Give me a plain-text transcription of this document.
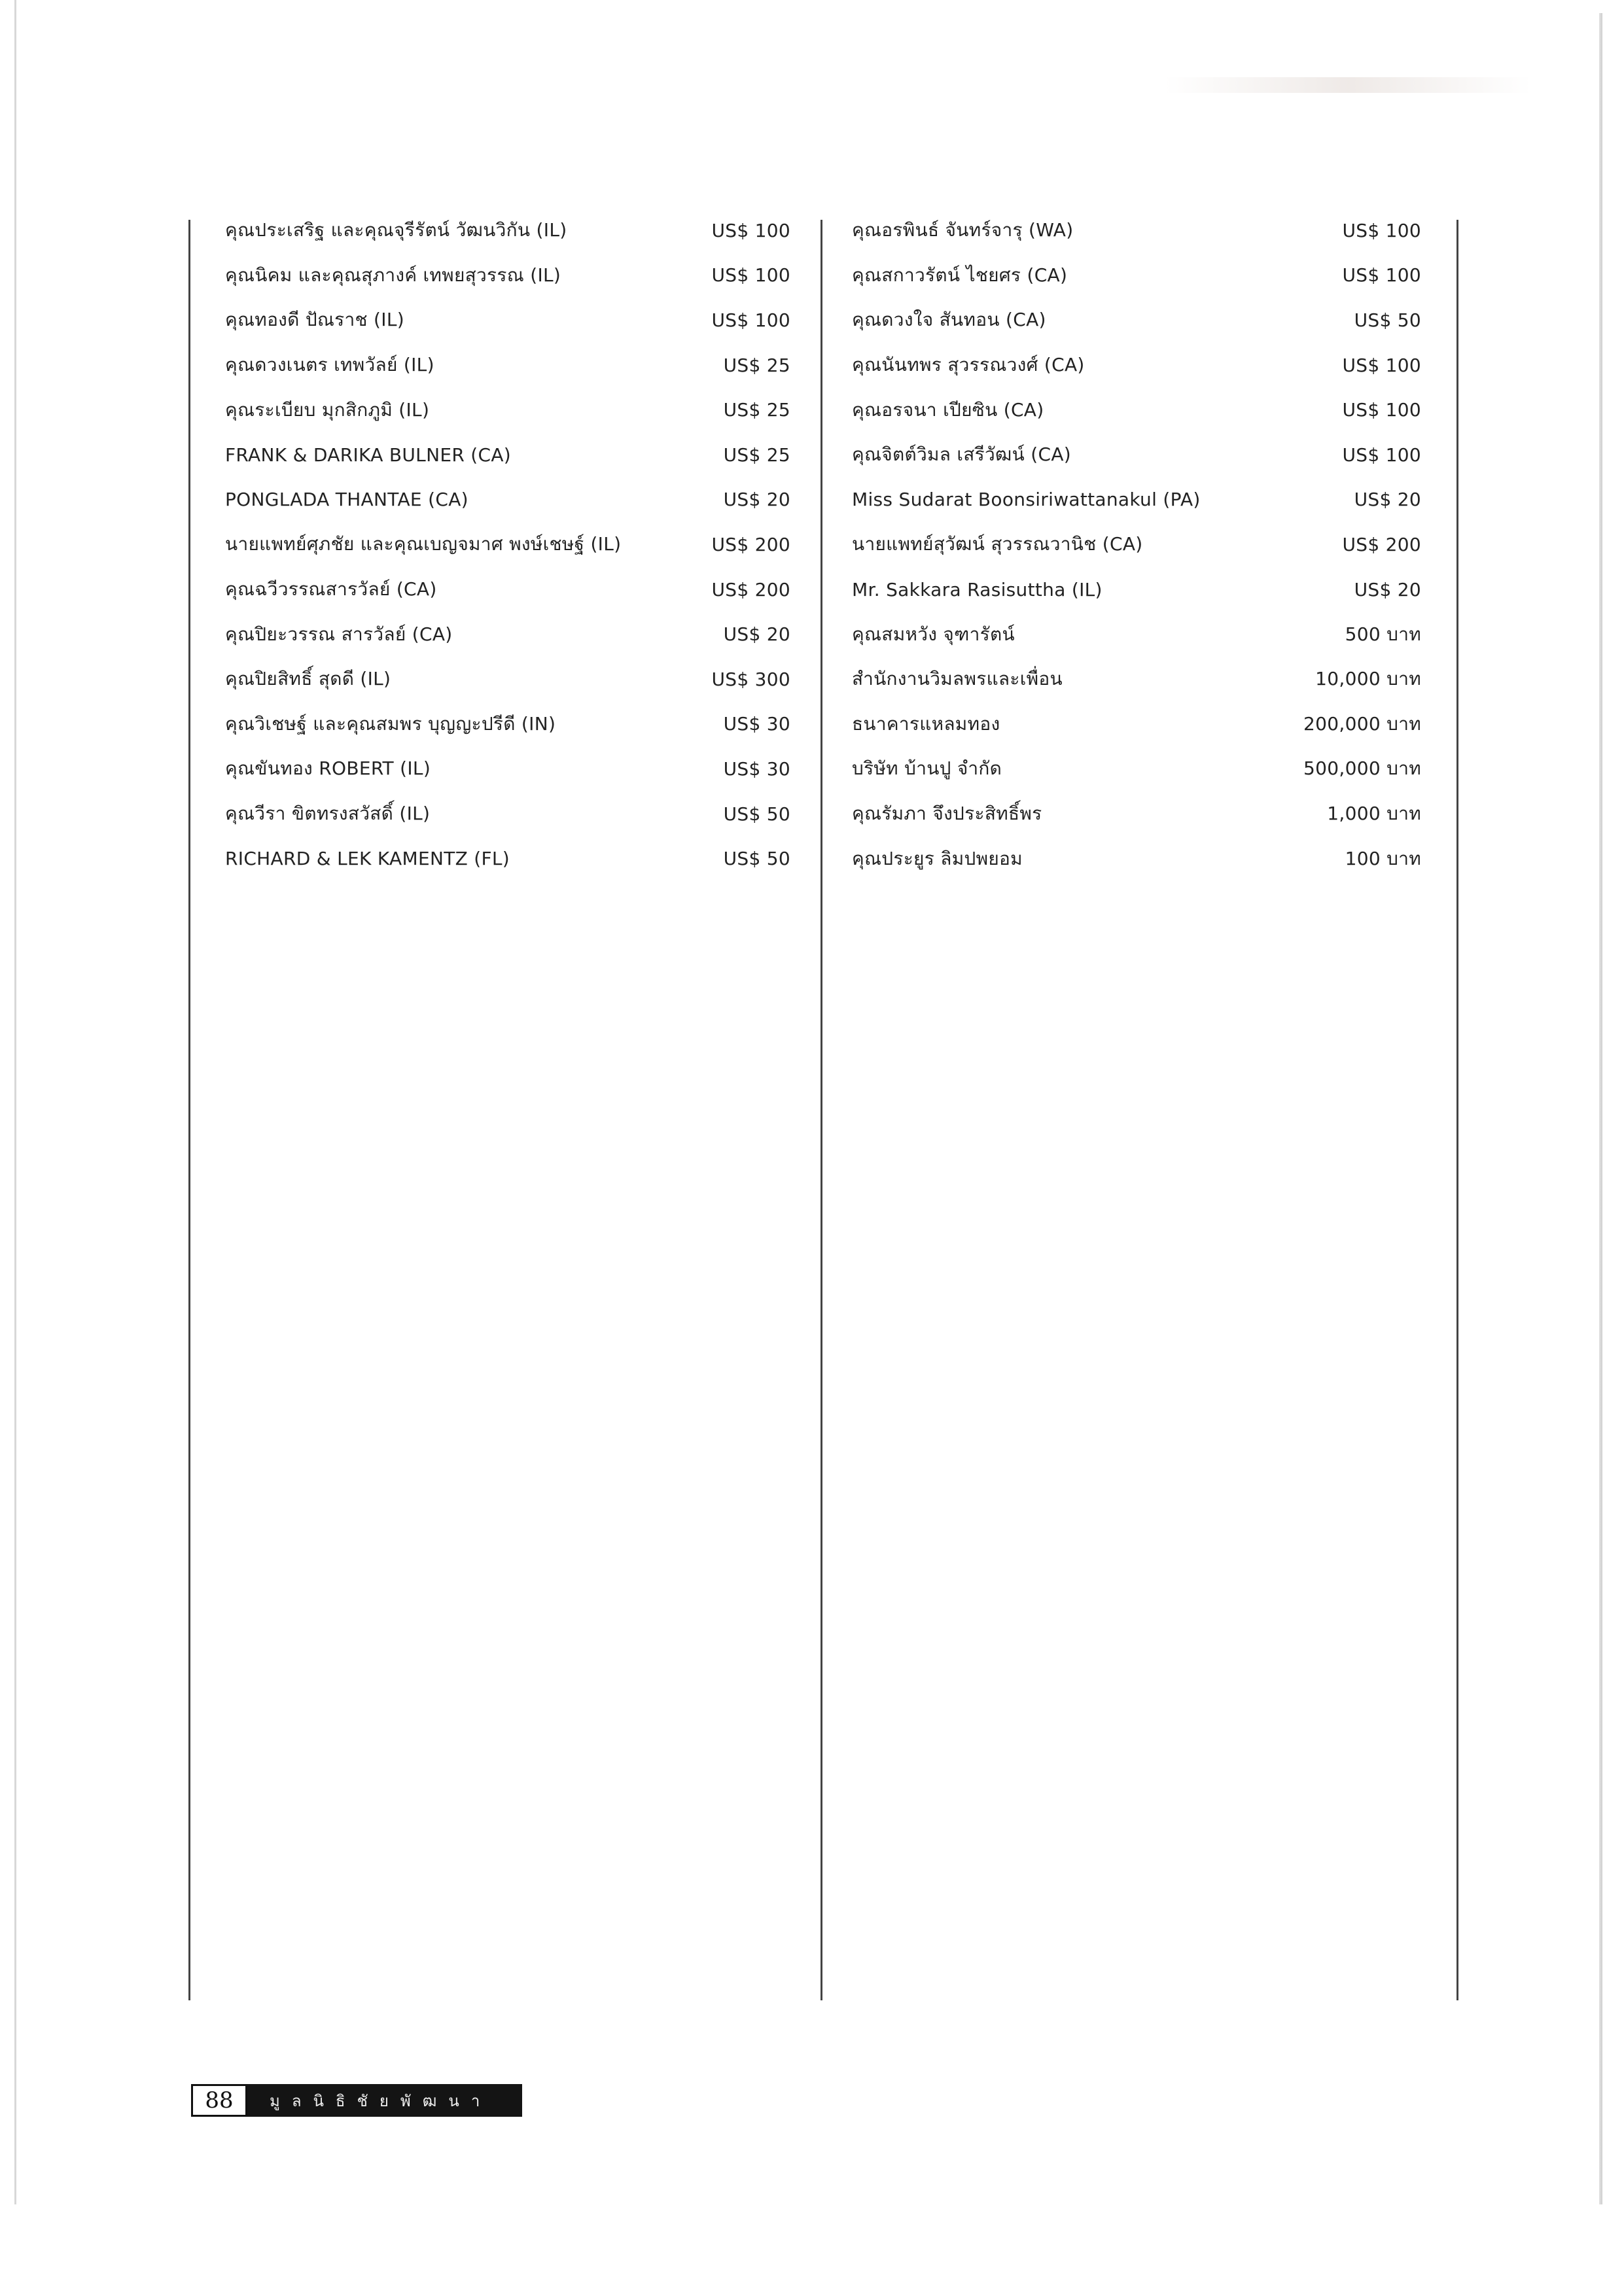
คุณประเสริฐ และคุณจุรีรัตน์ วัฒนวิกัน (IL)	US$ 100
คุณนิคม และคุณสุภางค์ เทพยสุวรรณ (IL)	US$ 100
คุณทองดี ปัณราช (IL)	US$ 100
คุณดวงเนตร เทพวัลย์ (IL)	US$ 25
คุณระเบียบ มุกสิกภูมิ (IL)	US$ 25
FRANK & DARIKA BULNER (CA)	US$ 25
PONGLADA THANTAE (CA)	US$ 20
นายแพทย์ศุภชัย และคุณเบญจมาศ พงษ์เชษฐ์ (IL)	US$ 200
คุณฉวีวรรณสารวัลย์ (CA)	US$ 200
คุณปิยะวรรณ สารวัลย์ (CA)	US$ 20
คุณปิยสิทธิ์ สุดดี (IL)	US$ 300
คุณวิเชษฐ์ และคุณสมพร บุญญะปรีดี (IN)	US$ 30
คุณขันทอง ROBERT (IL)	US$ 30
คุณวีรา ขิตทรงสวัสดิ์ (IL)	US$ 50
RICHARD & LEK KAMENTZ (FL)	US$ 50
คุณอรพินธ์ จันทร์จารุ (WA)	US$ 100
คุณสกาวรัตน์ ไชยศร (CA)	US$ 100
คุณดวงใจ สันทอน (CA)	US$ 50
คุณนันทพร สุวรรณวงศ์ (CA)	US$ 100
คุณอรจนา เปียซิน (CA)	US$ 100
คุณจิตต์วิมล เสรีวัฒน์ (CA)	US$ 100
Miss Sudarat Boonsiriwattanakul (PA)	US$ 20
นายแพทย์สุวัฒน์ สุวรรณวานิช (CA)	US$ 200
Mr. Sakkara Rasisuttha (IL)	US$ 20
คุณสมหวัง จุฑารัตน์	500 บาท
สำนักงานวิมลพรและเพื่อน	10,000 บาท
ธนาคารแหลมทอง	200,000 บาท
บริษัท บ้านปู จำกัด	500,000 บาท
คุณรัมภา จึงประสิทธิ์พร	1,000 บาท
คุณประยูร ลิมปพยอม	100 บาท
88	มูลนิธิชัยพัฒนา
